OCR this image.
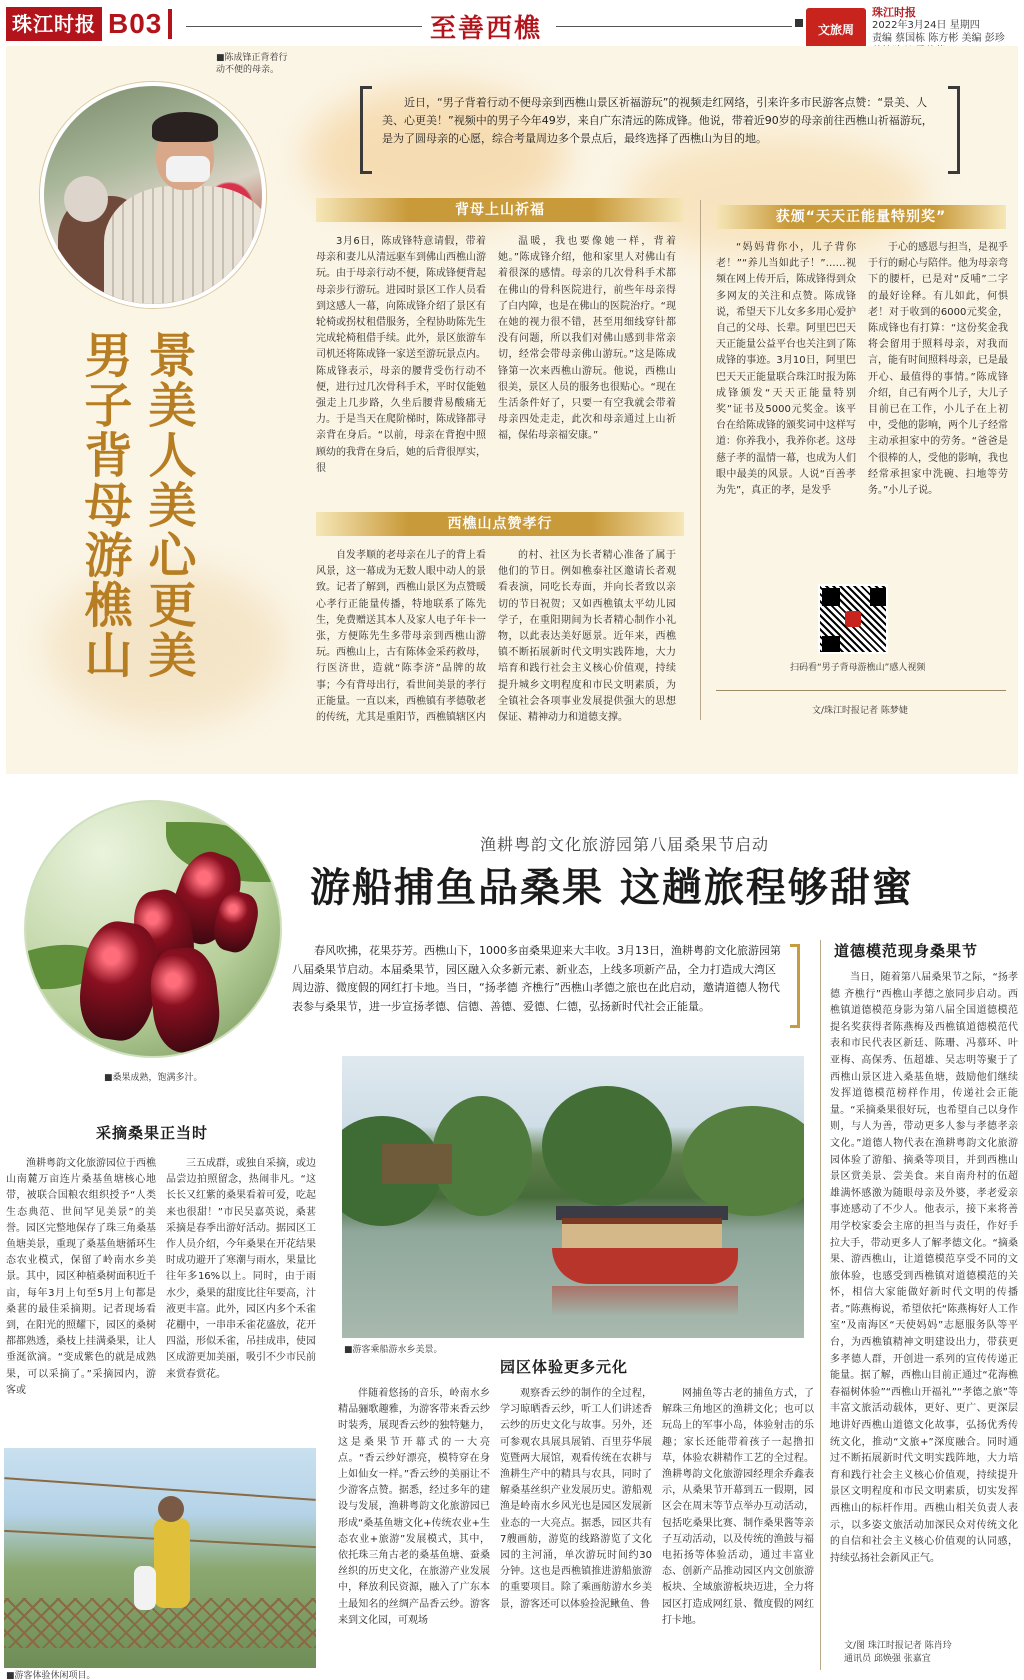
珠江时报 B03	至善西樵	文旅周
珠江时报
2022年3月24日 星期四
责编 蔡国栋 陈方彬 美编 彭珍
■陈成锋正背着行动不便的母亲。
男子背母游樵山 景美人美心更美
近日，“男子背着行动不便母亲到西樵山景区祈福游玩”的视频走红网络，引来许多市民游客点赞：“景美、人美、心更美！”视频中的男子今年49岁，来自广东清远的陈成锋。他说，带着近90岁的母亲前往西樵山祈福游玩，是为了圆母亲的心愿，综合考量周边多个景点后，最终选择了西樵山为目的地。
背母上山祈福

3月6日，陈成锋特意请假，带着母亲和妻儿从清远驱车到佛山西樵山游玩。由于母亲行动不便，陈成锋便背起母亲步行游玩。进园时景区工作人员看到这感人一幕，向陈成锋介绍了景区有轮椅或拐杖租借服务，全程协助陈先生完成轮椅租借手续。此外，景区旅游车司机还将陈成锋一家送至游玩景点内。陈成锋表示，母亲的腰背受伤行动不便，进行过几次骨科手术，平时仅能勉强走上几步路，久坐后腰背易酸痛无力。于是当天在爬阶梯时，陈成锋都寻亲背在身后。“以前，母亲在背抱中照顾幼的我背在身后，她的后背很厚实，很

温暖，我也要像她一样，背着她。”陈成锋介绍，他和家里人对佛山有着很深的感情。母亲的几次骨科手术都在佛山的骨科医院进行，前些年母亲得了白内障，也是在佛山的医院治疗。“现在她的视力很不错，甚至用细线穿针都没有问题，所以我们对佛山感到非常亲切，经常会带母亲佛山游玩。”这是陈成锋第一次来西樵山游玩。他说，西樵山很美，景区人员的服务也很贴心。“现在生活条件好了，只要一有空我就会带着母亲四处走走，此次和母亲通过上山祈福，保佑母亲福安康。”

西樵山点赞孝行

自发孝顺的老母亲在儿子的背上看风景，这一幕成为无数人眼中动人的景致。记者了解到，西樵山景区为点赞暖心孝行正能量传播，特地联系了陈先生，免费赠送其本人及家人电子年卡一张，方便陈先生多带母亲到西樵山游玩。西樵山上，古有陈体金采药救母，行医济世，造就“陈李济”品牌的故事；今有背母出行，看世间美景的孝行正能量。一直以来，西樵镇有孝德敬老的传统，尤其是重阳节，西樵镇辖区内

的村、社区为长者精心准备了属于他们的节日。例如樵泰社区邀请长者观看表演，同吃长寿面，并向长者致以亲切的节日祝贺；又如西樵镇太平幼儿园学子，在重阳期间为长者精心制作小礼物，以此表达美好愿景。近年来，西樵镇不断拓展新时代文明实践阵地，大力培育和践行社会主义核心价值观，持续提升城乡文明程度和市民文明素质，为全镇社会各项事业发展提供强大的思想保证、精神动力和道德支撑。

获颁“天天正能量特别奖”

“妈妈背你小，儿子背你老！”“养儿当如此子！”……视频在网上传开后，陈成锋得到众多网友的关注和点赞。陈成锋说，希望天下儿女多多用心爱护自己的父母、长辈。阿里巴巴天天正能量公益平台也关注到了陈成锋的事迹。3月10日，阿里巴巴天天正能量联合珠江时报为陈成锋颁发“天天正能量特别奖”证书及5000元奖金。该平台在给陈成锋的颁奖词中这样写道：你养我小，我养你老。这母慈子孝的温情一幕，也成为人们眼中最美的风景。人说“百善孝为先”，真正的孝，是发乎

于心的感恩与担当，是视乎于行的耐心与陪伴。他为母亲弯下的腰杆，已是对“反哺”二字的最好诠释。有儿如此，何惧老！对于收到的6000元奖金，陈成锋也有打算：“这份奖金我将会留用于照料母亲，对我而言，能有时间照料母亲，已是最开心、最值得的事情。”陈成锋介绍，自己有两个儿子，大儿子目前已在工作，小儿子在上初中，受他的影响，两个儿子经常主动承担家中的劳务。“爸爸是个很棒的人，受他的影响，我也经常承担家中洗碗、扫地等劳务。”小儿子说。

扫码看“男子背母游樵山”感人视频
文/珠江时报记者 陈梦婕
■桑果成熟，饱满多汁。
渔耕粤韵文化旅游园第八届桑果节启动
游船捕鱼品桑果 这趟旅程够甜蜜

春风吹拂，花果芬芳。西樵山下，1000多亩桑果迎来大丰收。3月13日，渔耕粤韵文化旅游园第八届桑果节启动。本届桑果节，园区融入众多新元素、新业态，上线多项新产品，全力打造成大湾区周边游、微度假的网红打卡地。当日，“扬孝德 齐樵行”西樵山孝德之旅也在此启动，邀请道德人物代表参与桑果节，进一步宣扬孝德、信德、善德、爱德、仁德，弘扬新时代社会正能量。

道德模范现身桑果节

当日，随着第八届桑果节之际，“扬孝德 齐樵行”西樵山孝德之旅同步启动。西樵镇道德模范身影为第八届全国道德模范提名奖获得者陈燕梅及西樵镇道德模范代表和市民代表区新廷、陈珊、冯慕环、叶亚梅、高保秀、伍超雄、吴志明等聚于了西樵山景区进入桑基鱼塘，鼓励他们继续发挥道德模范榜样作用，传递社会正能量。“采摘桑果很好玩，也希望自己以身作则，与人为善，带动更多人参与孝德孝亲文化。”道德人物代表在渔耕粤韵文化旅游园体验了游船、摘桑等项目，并到西樵山景区赏美景、尝美食。来自南舟村的伍超雄满怀感激为随眼母亲及外婆，孝老爱亲事迹感动了不少人。他表示，接下来将善用学校家委会主席的担当与责任，作好手拉大手，带动更多人了解孝德文化。“摘桑果、游西樵山，让道德模范享受不同的文旅体验，也感受到西樵镇对道德模范的关怀，相信大家能做好新时代文明的传播者。”陈燕梅说，希望依托“陈燕梅好人工作室”及南海区“天使妈妈”志愿服务队等平台，为西樵镇精神文明建设出力，带获更多孝德人群，开创进一系列的宣传传递正能量。据了解，西樵山目前正通过“花海樵春福树体验”“西樵山开福礼”“孝德之旅”等丰富文旅活动载体，更好、更广、更深层地讲好西樵山道德文化故事，弘扬优秀传统文化，推动“文旅+”深度融合。同时通过不断拓展新时代文明实践阵地，大力培育和践行社会主义核心价值观，持续提升景区文明程度和市民文明素质，切实发挥西樵山的标杆作用。西樵山相关负责人表示，以多姿文旅活动加深民众对传统文化的自信和社会主义核心价值观的认同感，持续弘扬社会新风正气。

采摘桑果正当时

渔耕粤韵文化旅游园位于西樵山南麓万亩连片桑基鱼塘核心地带，被联合国粮农组织授予“人类生态典范、世间罕见美景”的美誉。园区完整地保存了珠三角桑基鱼塘美景，重现了桑基鱼塘循环生态农业模式，保留了岭南水乡美景。其中，园区种植桑树面积近千亩，每年3月上旬至5月上旬都是桑葚的最佳采摘期。记者现场看到，在阳光的照耀下，园区的桑树都都熟透，桑枝上挂满桑果，让人垂涎欲滴。“变成紫色的就是成熟果，可以采摘了。”采摘园内，游客或

三五成群，或独自采摘，或边品尝边拍照留念，热闹非凡。“这长长又红紫的桑果看着可爱，吃起来也很甜！”市民吴嘉英说，桑葚采摘是春季出游好活动。据园区工作人员介绍，今年桑果在开花结果时成功避开了寒潮与雨水，果量比往年多16%以上。同时，由于雨水少，桑果的甜度比往年要高，汁液更丰富。此外，园区内多个禾雀花棚中，一串串禾雀花盛放，花开四溢，形似禾雀，吊挂成串，使园区成游更加美丽，吸引不少市民前来赏春赏花。

■游客乘船游水乡美景。
园区体验更多元化

伴随着悠扬的音乐，岭南水乡精品骊歌趣雅，为游客带来香云纱时装秀，展现香云纱的独特魅力，这是桑果节开幕式的一大亮点。“香云纱好漂亮，模特穿在身上如仙女一样。”香云纱的美丽让不少游客点赞。据悉，经过多年的建设与发展，渔耕粤韵文化旅游园已形成“桑基鱼塘文化+传统农业+生态农业+旅游”发展模式，其中，依托珠三角古老的桑基鱼塘、蚕桑丝织的历史文化，在旅游产业发展中，释放利民资源，融入了广东本土最知名的丝绸产品香云纱。游客来到文化园，可观场

观察香云纱的制作的全过程，学习晾晒香云纱，听工人们讲述香云纱的历史文化与故事。另外，还可参观农具展具展销、百里芬华展览暨两大展馆，观看传统在农耕与渔耕生产中的精具与农具，同时了解桑基丝织产业发展历史。游船观渔是岭南水乡风光也是园区发展新业态的一大亮点。据悉，园区共有7艘画舫，游览的线路游览了文化园的主河涌，单次游玩时间约30分钟。这也是西樵镇推进游船旅游的重要项目。除了乘画舫游水乡美景，游客还可以体验捡泥鳅鱼、鲁

网捕鱼等古老的捕鱼方式，了解珠三角地区的渔耕文化；也可以玩岛上的军事小岛，体验射击的乐趣；家长还能带着孩子一起撸扣草，体验农耕精作工艺的全过程。渔耕粤韵文化旅游园经理余乔鑫表示，从桑果节开幕到五一假期，园区会在周末等节点举办互动活动，包括吃桑果比赛、制作桑果酱等亲子互动活动，以及传统的渔鼓与福电拓扬等体验活动，通过丰富业态、创新产品推动园区内文创旅游板块、全域旅游板块迈进，全力将园区打造成网红景、微度假的网红打卡地。

■游客体验休闲项目。
文/图 珠江时报记者 陈肖玲
通讯员 邱焕强 张嘉宜
